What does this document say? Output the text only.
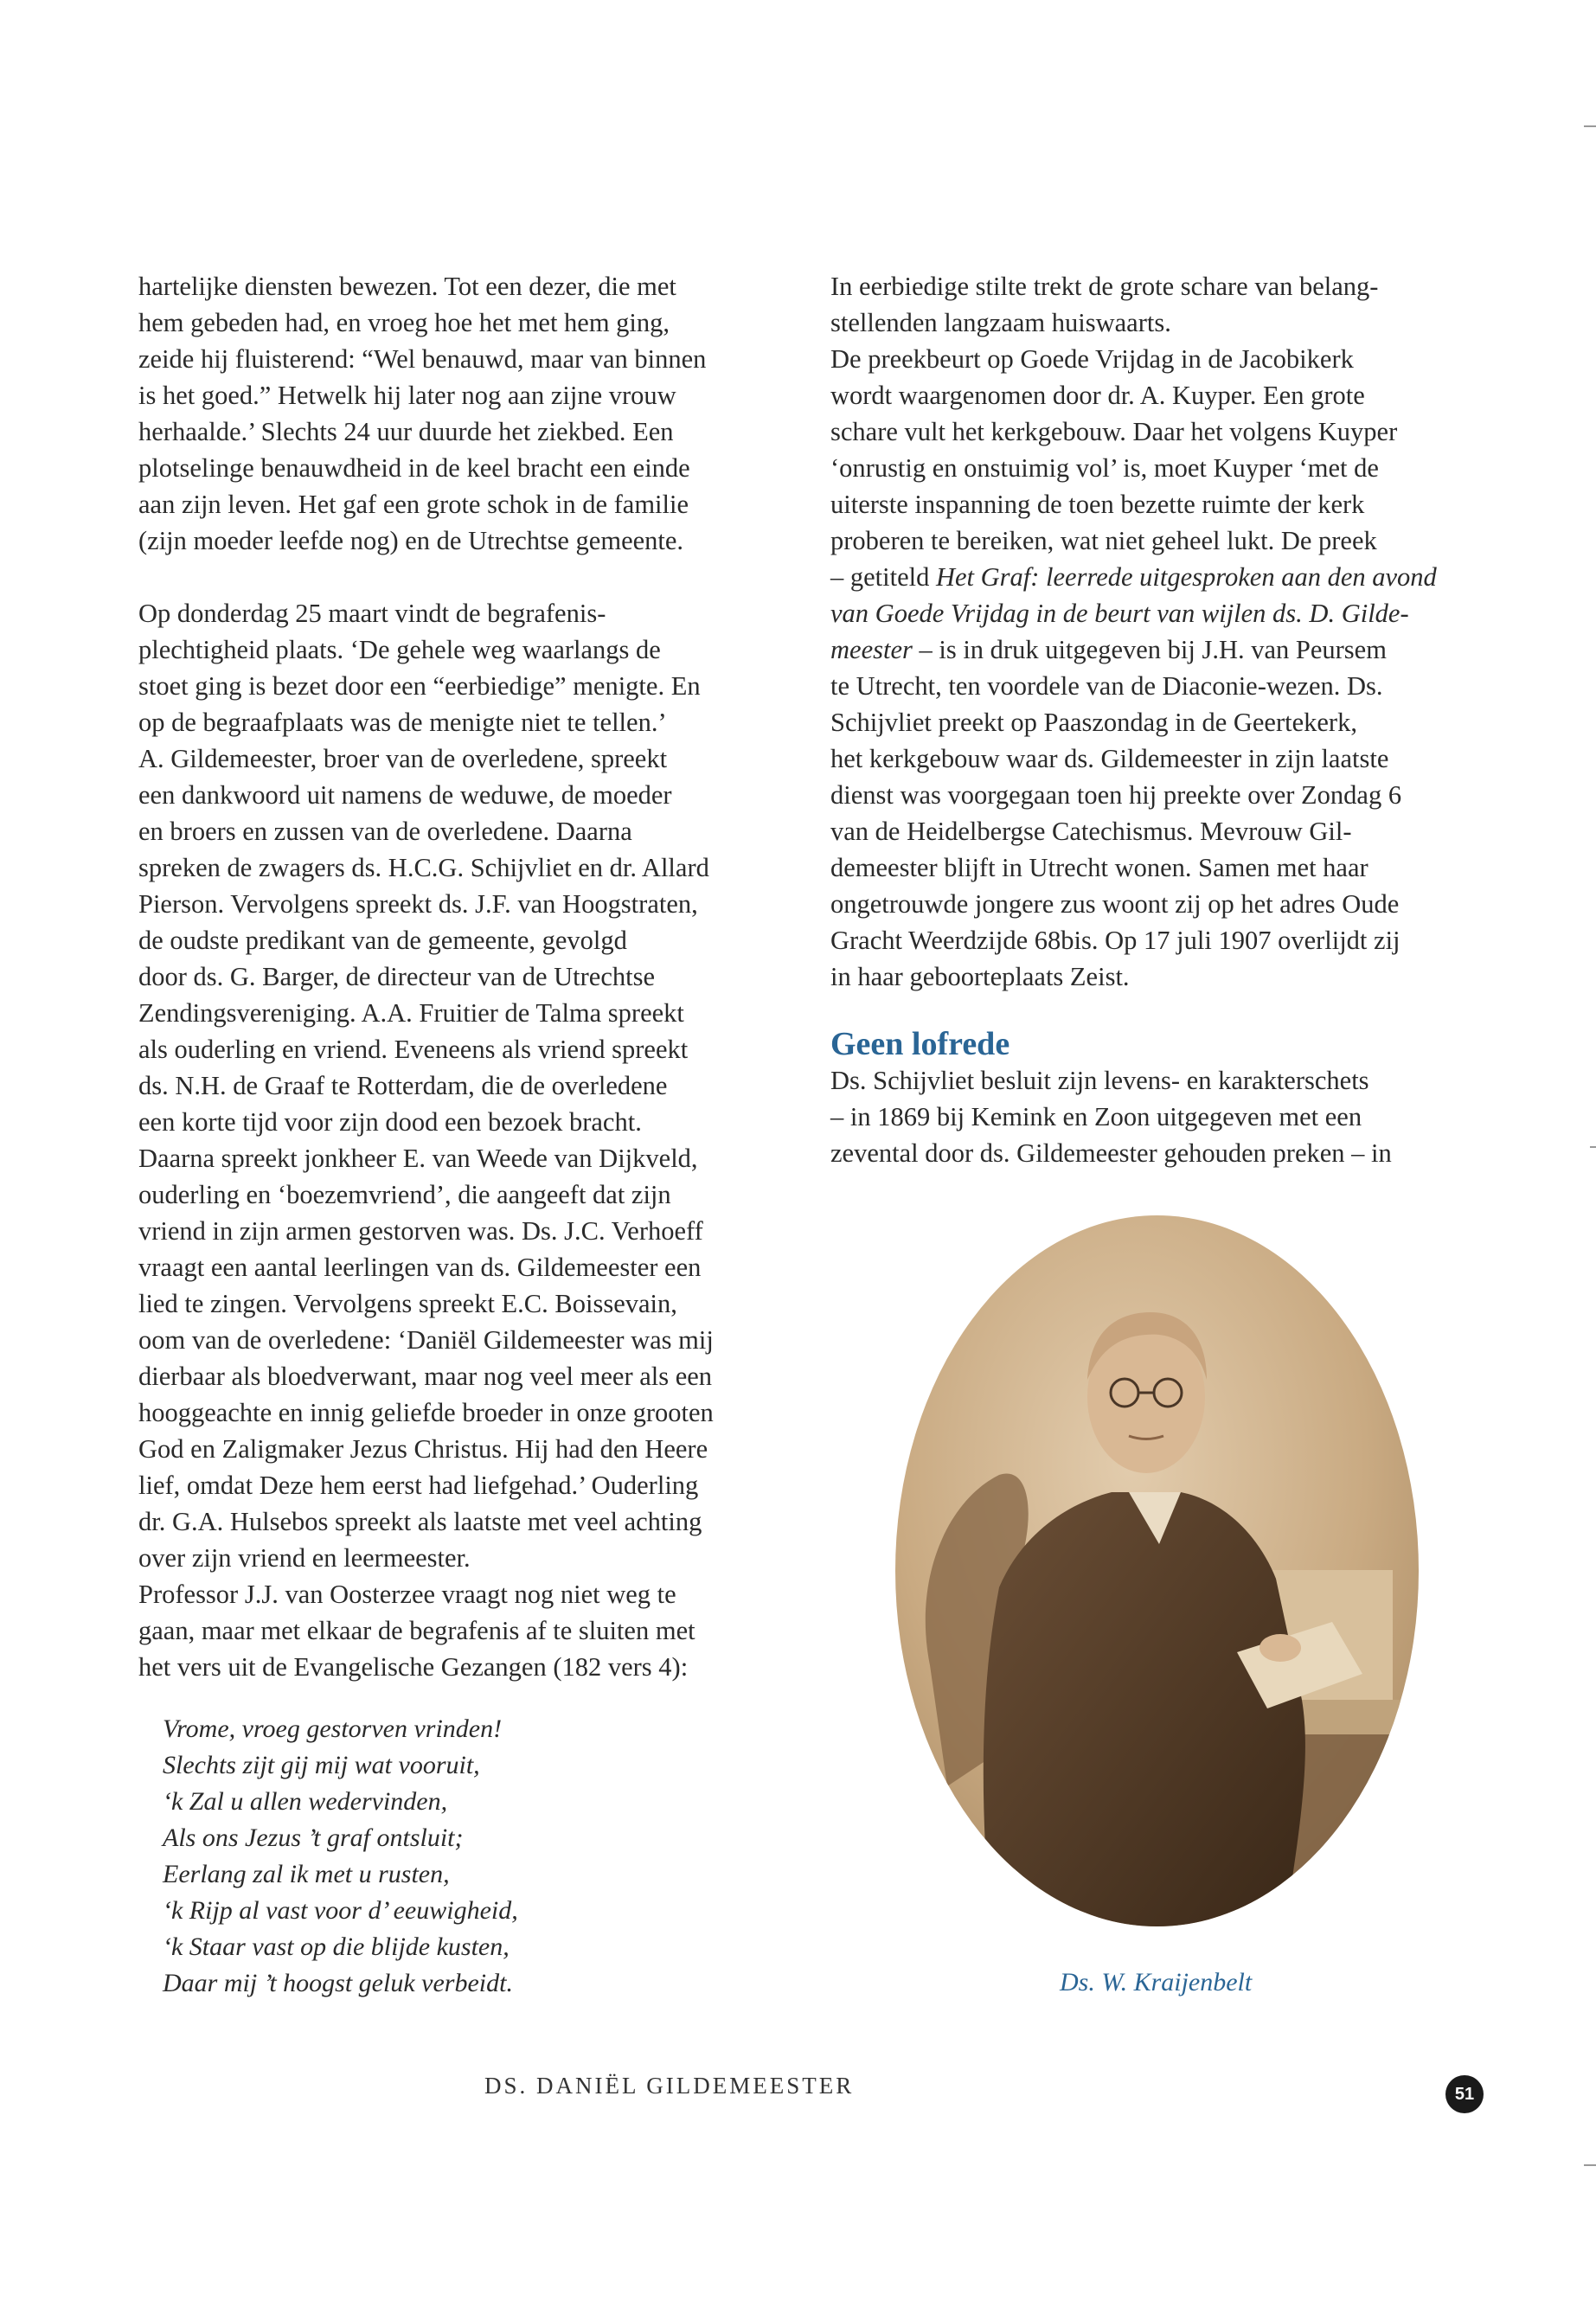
hartelijke diensten bewezen. Tot een dezer, die met
hem gebeden had, en vroeg hoe het met hem ging,
zeide hij fluisterend: “Wel benauwd, maar van binnen
is het goed.” Hetwelk hij later nog aan zijne vrouw
herhaalde.’ Slechts 24 uur duurde het ziekbed. Een
plotselinge benauwdheid in de keel bracht een einde
aan zijn leven. Het gaf een grote schok in de familie
(zijn moeder leefde nog) en de Utrechtse gemeente.
Op donderdag 25 maart vindt de begrafenis-
plechtigheid plaats. ‘De gehele weg waarlangs de
stoet ging is bezet door een “eerbiedige” menigte. En
op de begraafplaats was de menigte niet te tellen.’
A. Gildemeester, broer van de overledene, spreekt
een dankwoord uit namens de weduwe, de moeder
en broers en zussen van de overledene. Daarna
spreken de zwagers ds. H.C.G. Schijvliet en dr. Allard
Pierson. Vervolgens spreekt ds. J.F. van Hoogstraten,
de oudste predikant van de gemeente, gevolgd
door ds. G. Barger, de directeur van de Utrechtse
Zendingsvereniging. A.A. Fruitier de Talma spreekt
als ouderling en vriend. Eveneens als vriend spreekt
ds. N.H. de Graaf te Rotterdam, die de overledene
een korte tijd voor zijn dood een bezoek bracht.
Daarna spreekt jonkheer E. van Weede van Dijkveld,
ouderling en ‘boezemvriend’, die aangeeft dat zijn
vriend in zijn armen gestorven was. Ds. J.C. Verhoeff
vraagt een aantal leerlingen van ds. Gildemeester een
lied te zingen. Vervolgens spreekt E.C. Boissevain,
oom van de overledene: ‘Daniël Gildemeester was mij
dierbaar als bloedverwant, maar nog veel meer als een
hooggeachte en innig geliefde broeder in onze grooten
God en Zaligmaker Jezus Christus. Hij had den Heere
lief, omdat Deze hem eerst had liefgehad.’ Ouderling
dr. G.A. Hulsebos spreekt als laatste met veel achting
over zijn vriend en leermeester.
Professor J.J. van Oosterzee vraagt nog niet weg te
gaan, maar met elkaar de begrafenis af te sluiten met
het vers uit de Evangelische Gezangen (182 vers 4):
Vrome, vroeg gestorven vrinden!
Slechts zijt gij mij wat vooruit,
‘k Zal u allen wedervinden,
Als ons Jezus ’t graf ontsluit;
Eerlang zal ik met u rusten,
‘k Rijp al vast voor d’ eeuwigheid,
‘k Staar vast op die blijde kusten,
Daar mij ’t hoogst geluk verbeidt.
In eerbiedige stilte trekt de grote schare van belang-
stellenden langzaam huiswaarts.
De preekbeurt op Goede Vrijdag in de Jacobikerk
wordt waargenomen door dr. A. Kuyper. Een grote
schare vult het kerkgebouw. Daar het volgens Kuyper
‘onrustig en onstuimig vol’ is, moet Kuyper ‘met de
uiterste inspanning de toen bezette ruimte der kerk
proberen te bereiken, wat niet geheel lukt. De preek
– getiteld Het Graf: leerrede uitgesproken aan den avond
van Goede Vrijdag in de beurt van wijlen ds. D. Gilde-
meester – is in druk uitgegeven bij J.H. van Peursem
te Utrecht, ten voordele van de Diaconie-wezen. Ds.
Schijvliet preekt op Paaszondag in de Geertekerk,
het kerkgebouw waar ds. Gildemeester in zijn laatste
dienst was voorgegaan toen hij preekte over Zondag 6
van de Heidelbergse Catechismus. Mevrouw Gil-
demeester blijft in Utrecht wonen. Samen met haar
ongetrouwde jongere zus woont zij op het adres Oude
Gracht Weerdzijde 68bis. Op 17 juli 1907 overlijdt zij
in haar geboorteplaats Zeist.
Geen lofrede
Ds. Schijvliet besluit zijn levens- en karakterschets
– in 1869 bij Kemink en Zoon uitgegeven met een
zevental door ds. Gildemeester gehouden preken – in
Ds. W. Kraijenbelt
DS. DANIËL GILDEMEESTER	51
